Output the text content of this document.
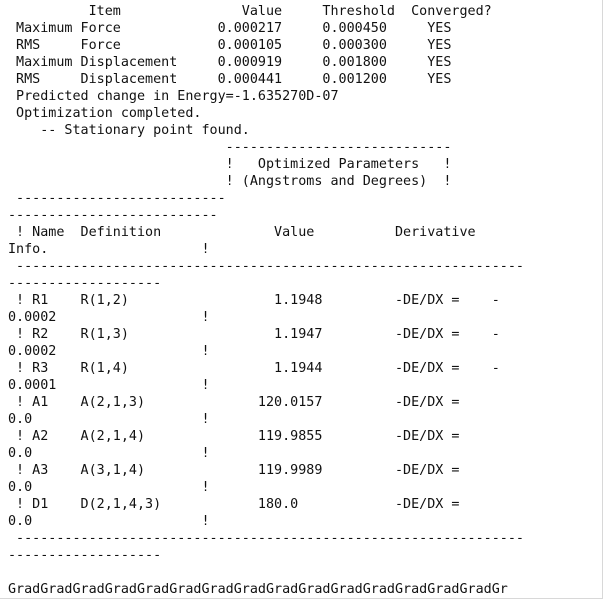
Item               Value     Threshold  Converged?
Maximum Force            0.000217     0.000450     YES
RMS     Force            0.000105     0.000300     YES
Maximum Displacement     0.000919     0.001800     YES
RMS     Displacement     0.000441     0.001200     YES
Predicted change in Energy=-1.635270D-07
Optimization completed.
-- Stationary point found.
----------------------------
!   Optimized Parameters   !
! (Angstroms and Degrees)  !
--------------------------
--------------------------
! Name  Definition              Value          Derivative
Info.                   !
---------------------------------------------------------------
-------------------
! R1    R(1,2)                  1.1948         -DE/DX =    -
0.0002                  !
! R2    R(1,3)                  1.1947         -DE/DX =    -
0.0002                  !
! R3    R(1,4)                  1.1944         -DE/DX =    -
0.0001                  !
! A1    A(2,1,3)              120.0157         -DE/DX =
0.0                     !
! A2    A(2,1,4)              119.9855         -DE/DX =
0.0                     !
! A3    A(3,1,4)              119.9989         -DE/DX =
0.0                     !
! D1    D(2,1,4,3)            180.0            -DE/DX =
0.0                     !
---------------------------------------------------------------
-------------------
GradGradGradGradGradGradGradGradGradGradGradGradGradGradGradGr
